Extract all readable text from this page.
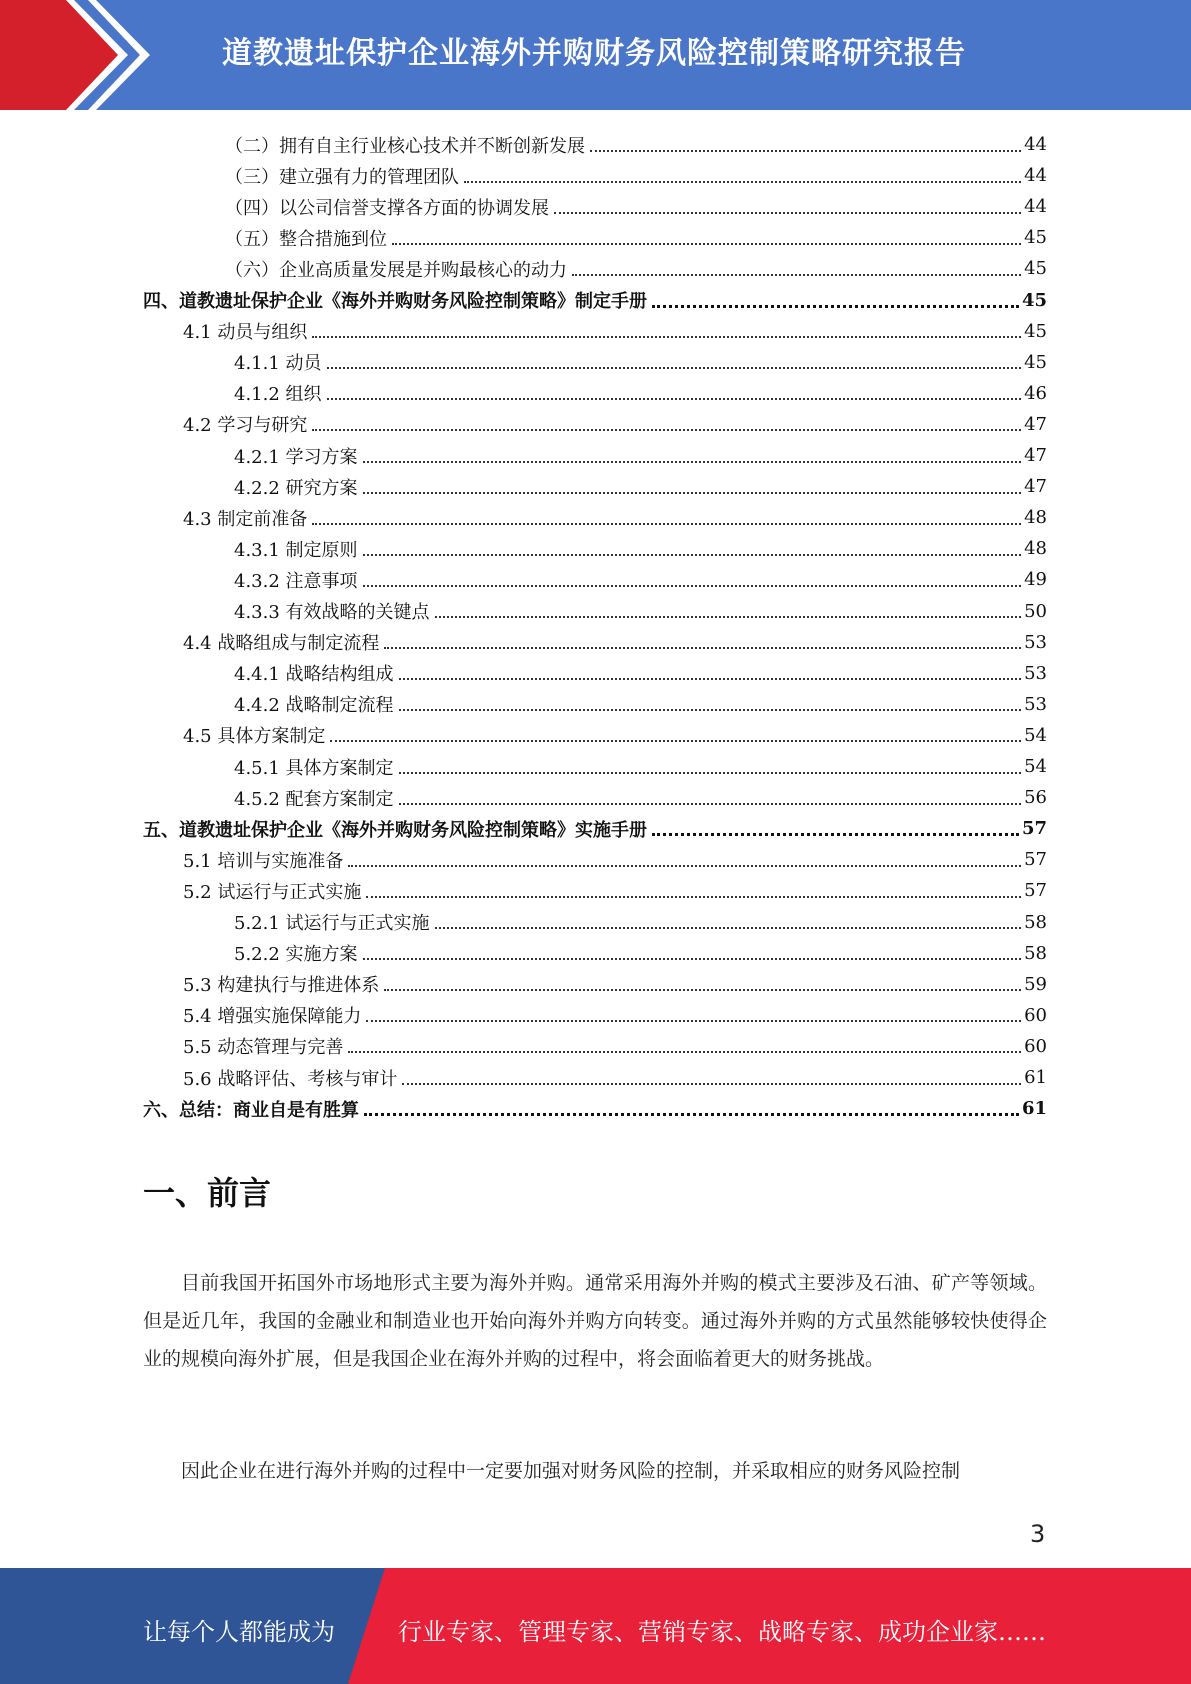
道教遗址保护企业海外并购财务风险控制策略研究报告
（二）拥有自主行业核心技术并不断创新发展	44
（三）建立强有力的管理团队	44
（四）以公司信誉支撑各方面的协调发展	44
（五）整合措施到位	45
（六）企业高质量发展是并购最核心的动力	45
四、道教遗址保护企业《海外并购财务风险控制策略》制定手册	45
4.1 动员与组织	45
4.1.1 动员	45
4.1.2 组织	46
4.2 学习与研究	47
4.2.1 学习方案	47
4.2.2 研究方案	47
4.3 制定前准备	48
4.3.1 制定原则	48
4.3.2 注意事项	49
4.3.3 有效战略的关键点	50
4.4 战略组成与制定流程	53
4.4.1 战略结构组成	53
4.4.2 战略制定流程	53
4.5 具体方案制定	54
4.5.1 具体方案制定	54
4.5.2 配套方案制定	56
五、道教遗址保护企业《海外并购财务风险控制策略》实施手册	57
5.1 培训与实施准备	57
5.2 试运行与正式实施	57
5.2.1 试运行与正式实施	58
5.2.2 实施方案	58
5.3 构建执行与推进体系	59
5.4 增强实施保障能力	60
5.5 动态管理与完善	60
5.6 战略评估、考核与审计	61
六、总结：商业自是有胜算	61
一、前言

目前我国开拓国外市场地形式主要为海外并购。通常采用海外并购的模式主要涉及石油、矿产等领域。但是近几年，我国的金融业和制造业也开始向海外并购方向转变。通过海外并购的方式虽然能够较快使得企业的规模向海外扩展，但是我国企业在海外并购的过程中，将会面临着更大的财务挑战。

因此企业在进行海外并购的过程中一定要加强对财务风险的控制，并采取相应的财务风险控制

3
让每个人都能成为	行业专家、管理专家、营销专家、战略专家、成功企业家……
